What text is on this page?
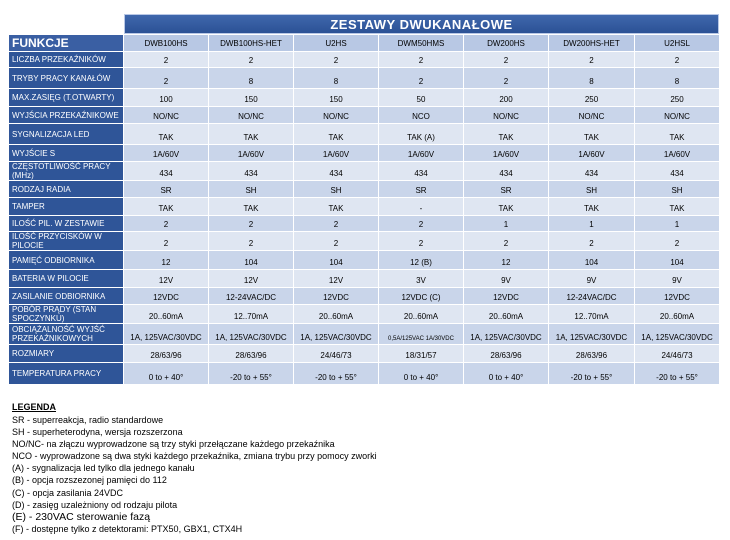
	ZESTAWY DWUKANAŁOWE						
FUNKCJE	DWB100HS	DWB100HS-HET	U2HS	DWM50HMS	DW200HS	DW200HS-HET	U2HSL
LICZBA PRZEKAŹNIKÓW	2	2	2	2	2	2	2
TRYBY PRACY KANAŁÓW	2	8	8	2	2	8	8
MAX.ZASIĘG (T.OTWARTY)	100	150	150	50	200	250	250
WYJŚCIA PRZEKAŹNIKOWE	NO/NC	NO/NC	NO/NC	NCO	NO/NC	NO/NC	NO/NC
SYGNALIZACJA LED	TAK	TAK	TAK	TAK (A)	TAK	TAK	TAK
WYJŚCIE S	1A/60V	1A/60V	1A/60V	1A/60V	1A/60V	1A/60V	1A/60V
CZĘSTOTLIWOŚĆ PRACY (MHz)	434	434	434	434	434	434	434
RODZAJ RADIA	SR	SH	SH	SR	SR	SH	SH
TAMPER	TAK	TAK	TAK	-	TAK	TAK	TAK
ILOŚĆ PIL. W ZESTAWIE	2	2	2	2	1	1	1
ILOŚĆ PRZYCISKÓW W PILOCIE	2	2	2	2	2	2	2
PAMIĘĆ ODBIORNIKA	12	104	104	12 (B)	12	104	104
BATERIA W PILOCIE	12V	12V	12V	3V	9V	9V	9V
ZASILANIE ODBIORNIKA	12VDC	12-24VAC/DC	12VDC	12VDC (C)	12VDC	12-24VAC/DC	12VDC
POBÓR PRĄDY (STAN SPOCZYNKU)	20..60mA	12..70mA	20..60mA	20..60mA	20..60mA	12..70mA	20..60mA
OBCIĄŻALNOŚĆ WYJŚĆ PRZEKAŹNIKOWYCH	1A, 125VAC/30VDC	1A, 125VAC/30VDC	1A, 125VAC/30VDC	0,5A/125VAC 1A/30VDC	1A, 125VAC/30VDC	1A, 125VAC/30VDC	1A, 125VAC/30VDC
ROZMIARY	28/63/96	28/63/96	24/46/73	18/31/57	28/63/96	28/63/96	24/46/73
TEMPERATURA PRACY	0 to + 40°	-20 to + 55°	-20 to + 55°	0 to + 40°	0 to + 40°	-20 to + 55°	-20 to + 55°
LEGENDA
SR - superreakcja, radio standardowe
SH - superheterodyna, wersja rozszerzona
NO/NC- na złączu wyprowadzone są trzy styki przełączane każdego przekaźnika
NCO - wyprowadzone są dwa styki każdego przekaźnika, zmiana trybu przy pomocy zworki
(A) - sygnalizacja led tylko dla jednego kanału
(B) - opcja rozszezonej pamięci do 112
(C) - opcja zasilania 24VDC
(D) - zasięg uzależniony od rodzaju pilota
(E) - 230VAC sterowanie fazą
(F) - dostępne tylko z detektorami: PTX50, GBX1, CTX4H
